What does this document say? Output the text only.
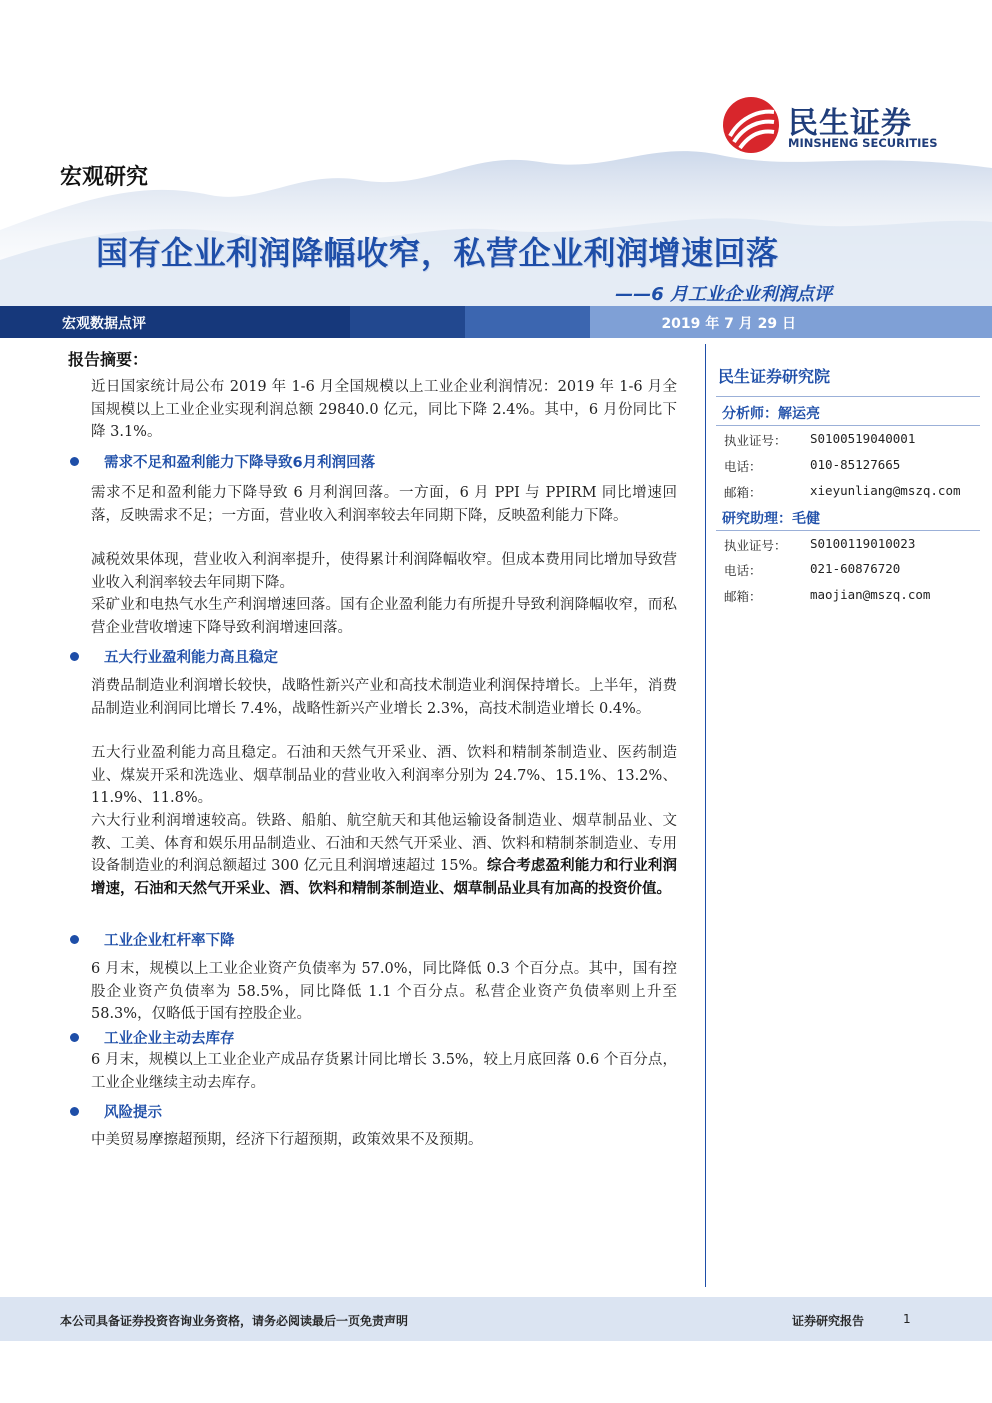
民生证券
MINSHENG SECURITIES
宏观研究
国有企业利润降幅收窄，私营企业利润增速回落
——6 月工业企业利润点评
宏观数据点评	2019 年 7 月 29 日
报告摘要：

近日国家统计局公布 2019 年 1-6 月全国规模以上工业企业利润情况：2019 年 1-6 月全国规模以上工业企业实现利润总额 29840.0 亿元，同比下降 2.4%。其中，6 月份同比下降 3.1%。

需求不足和盈利能力下降导致6月利润回落

需求不足和盈利能力下降导致 6 月利润回落。一方面，6 月 PPI 与 PPIRM 同比增速回落，反映需求不足；一方面，营业收入利润率较去年同期下降，反映盈利能力下降。

减税效果体现，营业收入利润率提升，使得累计利润降幅收窄。但成本费用同比增加导致营业收入利润率较去年同期下降。

采矿业和电热气水生产利润增速回落。国有企业盈利能力有所提升导致利润降幅收窄，而私营企业营收增速下降导致利润增速回落。

五大行业盈利能力高且稳定

消费品制造业利润增长较快，战略性新兴产业和高技术制造业利润保持增长。上半年，消费品制造业利润同比增长 7.4%，战略性新兴产业增长 2.3%，高技术制造业增长 0.4%。

五大行业盈利能力高且稳定。石油和天然气开采业、酒、饮料和精制茶制造业、医药制造业、煤炭开采和洗选业、烟草制品业的营业收入利润率分别为 24.7%、15.1%、13.2%、11.9%、11.8%。

六大行业利润增速较高。铁路、船舶、航空航天和其他运输设备制造业、烟草制品业、文教、工美、体育和娱乐用品制造业、石油和天然气开采业、酒、饮料和精制茶制造业、专用设备制造业的利润总额超过 300 亿元且利润增速超过 15%。综合考虑盈利能力和行业利润增速，石油和天然气开采业、酒、饮料和精制茶制造业、烟草制品业具有加高的投资价值。

工业企业杠杆率下降

6 月末，规模以上工业企业资产负债率为 57.0%，同比降低 0.3 个百分点。其中，国有控股企业资产负债率为 58.5%，同比降低 1.1 个百分点。私营企业资产负债率则上升至 58.3%，仅略低于国有控股企业。

工业企业主动去库存

6 月末，规模以上工业企业产成品存货累计同比增长 3.5%，较上月底回落 0.6 个百分点，工业企业继续主动去库存。

风险提示

中美贸易摩擦超预期，经济下行超预期，政策效果不及预期。

民生证券研究院
分析师：解运亮
执业证号： S0100519040001
电话：	010-85127665
邮箱：	xieyunliang@mszq.com
研究助理：毛健
执业证号： S0100119010023
电话：	021-60876720
邮箱：	maojian@mszq.com
本公司具备证券投资咨询业务资格，请务必阅读最后一页免责声明	证券研究报告	1
